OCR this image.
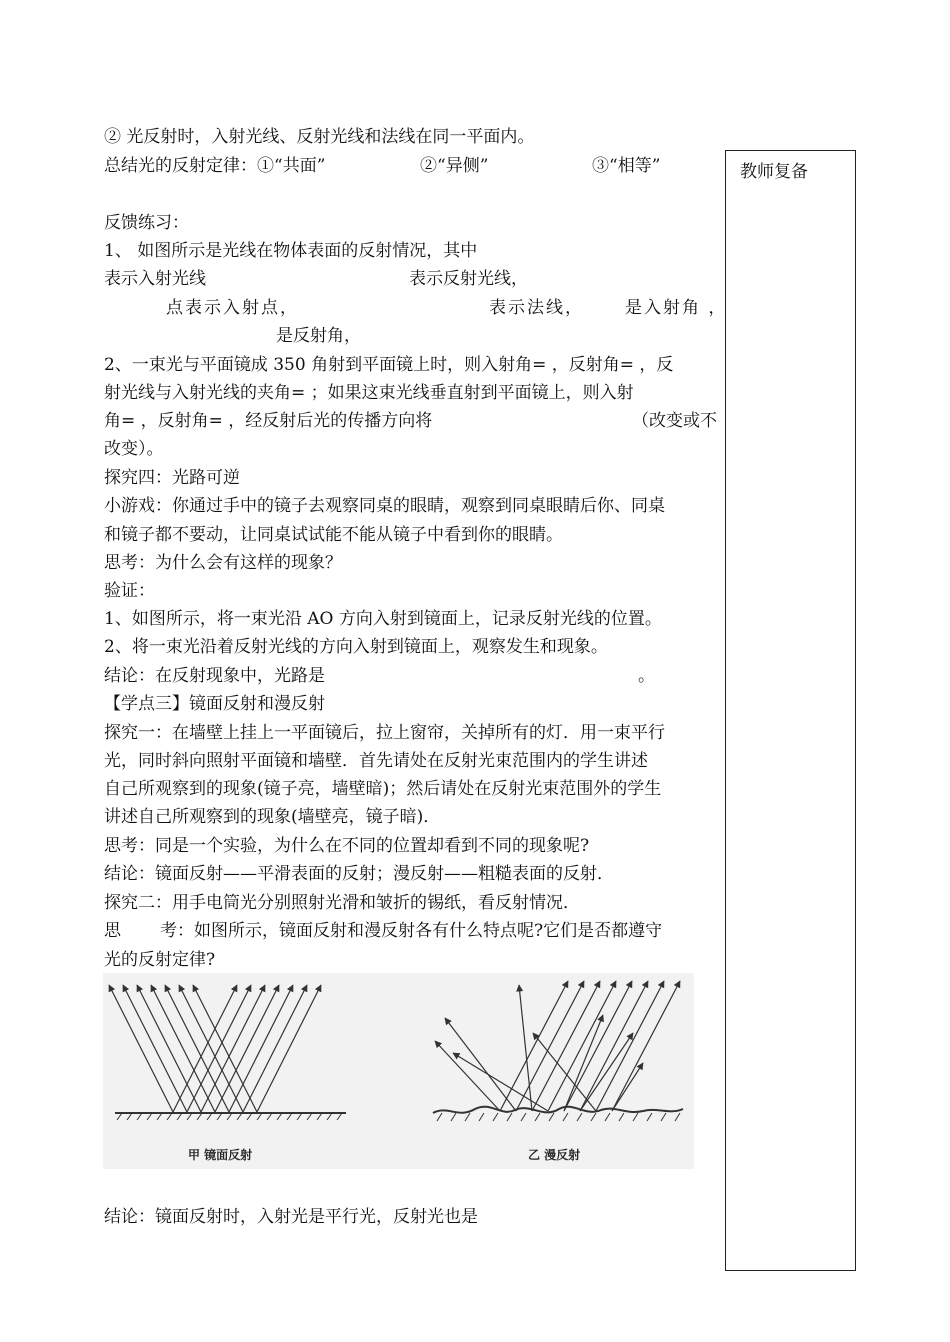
② 光反射时，入射光线、反射光线和法线在同一平面内。
总结光的反射定律：①“共面”	②“异侧”	③“相等”
反馈练习：
1、 如图所示是光线在物体表面的反射情况，其中
表示入射光线	表示反射光线，
点表示入射点，	表示法线， 是入射角 ，
是反射角，
2、一束光与平面镜成 350 角射到平面镜上时，则入射角= ，反射角= ，反
射光线与入射光线的夹角= ；如果这束光线垂直射到平面镜上，则入射
角= ，反射角= ，经反射后光的传播方向将	（改变或不
改变）。
探究四：光路可逆
小游戏：你通过手中的镜子去观察同桌的眼睛，观察到同桌眼睛后你、同桌
和镜子都不要动，让同桌试试能不能从镜子中看到你的眼睛。
思考：为什么会有这样的现象？
验证：
1、如图所示，将一束光沿 AO 方向入射到镜面上，记录反射光线的位置。
2、将一束光沿着反射光线的方向入射到镜面上，观察发生和现象。
结论：在反射现象中，光路是	。
【学点三】镜面反射和漫反射
探究一：在墙壁上挂上一平面镜后，拉上窗帘，关掉所有的灯．用一束平行
光，同时斜向照射平面镜和墙壁．首先请处在反射光束范围内的学生讲述
自己所观察到的现象(镜子亮，墙壁暗)；然后请处在反射光束范围外的学生
讲述自己所观察到的现象(墙壁亮，镜子暗)．
思考：同是一个实验，为什么在不同的位置却看到不同的现象呢?
结论：镜面反射——平滑表面的反射；漫反射——粗糙表面的反射．
探究二：用手电筒光分别照射光滑和皱折的锡纸，看反射情况．
思 考：如图所示，镜面反射和漫反射各有什么特点呢?它们是否都遵守
光的反射定律?
结论：镜面反射时，入射光是平行光，反射光也是
教师复备
甲 镜面反射	乙 漫反射
